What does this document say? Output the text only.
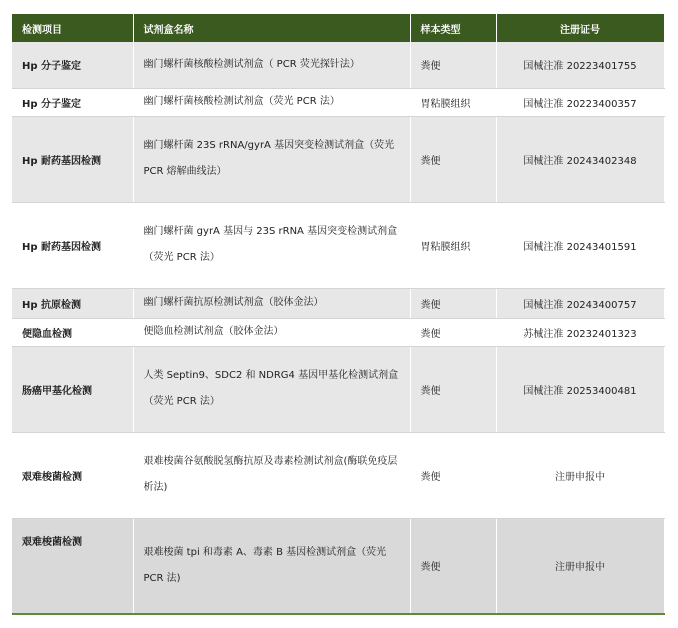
检测项目	试剂盒名称	样本类型	注册证号
Hp 分子鉴定	幽门螺杆菌核酸检测试剂盒（ PCR 荧光探针法）	粪便	国械注准 20223401755
Hp 分子鉴定	幽门螺杆菌核酸检测试剂盒（荧光 PCR 法）	胃粘膜组织	国械注准 20223400357
Hp 耐药基因检测	幽门螺杆菌 23S rRNA/gyrA 基因突变检测试剂盒（荧光PCR 熔解曲线法）	粪便	国械注准 20243402348
Hp 耐药基因检测	幽门螺杆菌 gyrA 基因与 23S rRNA 基因突变检测试剂盒（荧光 PCR 法）	胃粘膜组织	国械注准 20243401591
Hp 抗原检测	幽门螺杆菌抗原检测试剂盒（胶体金法）	粪便	国械注准 20243400757
便隐血检测	便隐血检测试剂盒（胶体金法）	粪便	苏械注准 20232401323
肠癌甲基化检测	人类 Septin9、SDC2 和 NDRG4 基因甲基化检测试剂盒（荧光 PCR 法）	粪便	国械注准 20253400481
艰难梭菌检测	艰难梭菌谷氨酸脱氢酶抗原及毒素检测试剂盒(酶联免疫层析法)	粪便	注册申报中
艰难梭菌检测	艰难梭菌 tpi 和毒素 A、毒素 B 基因检测试剂盒（荧光 PCR 法)	粪便	注册申报中
